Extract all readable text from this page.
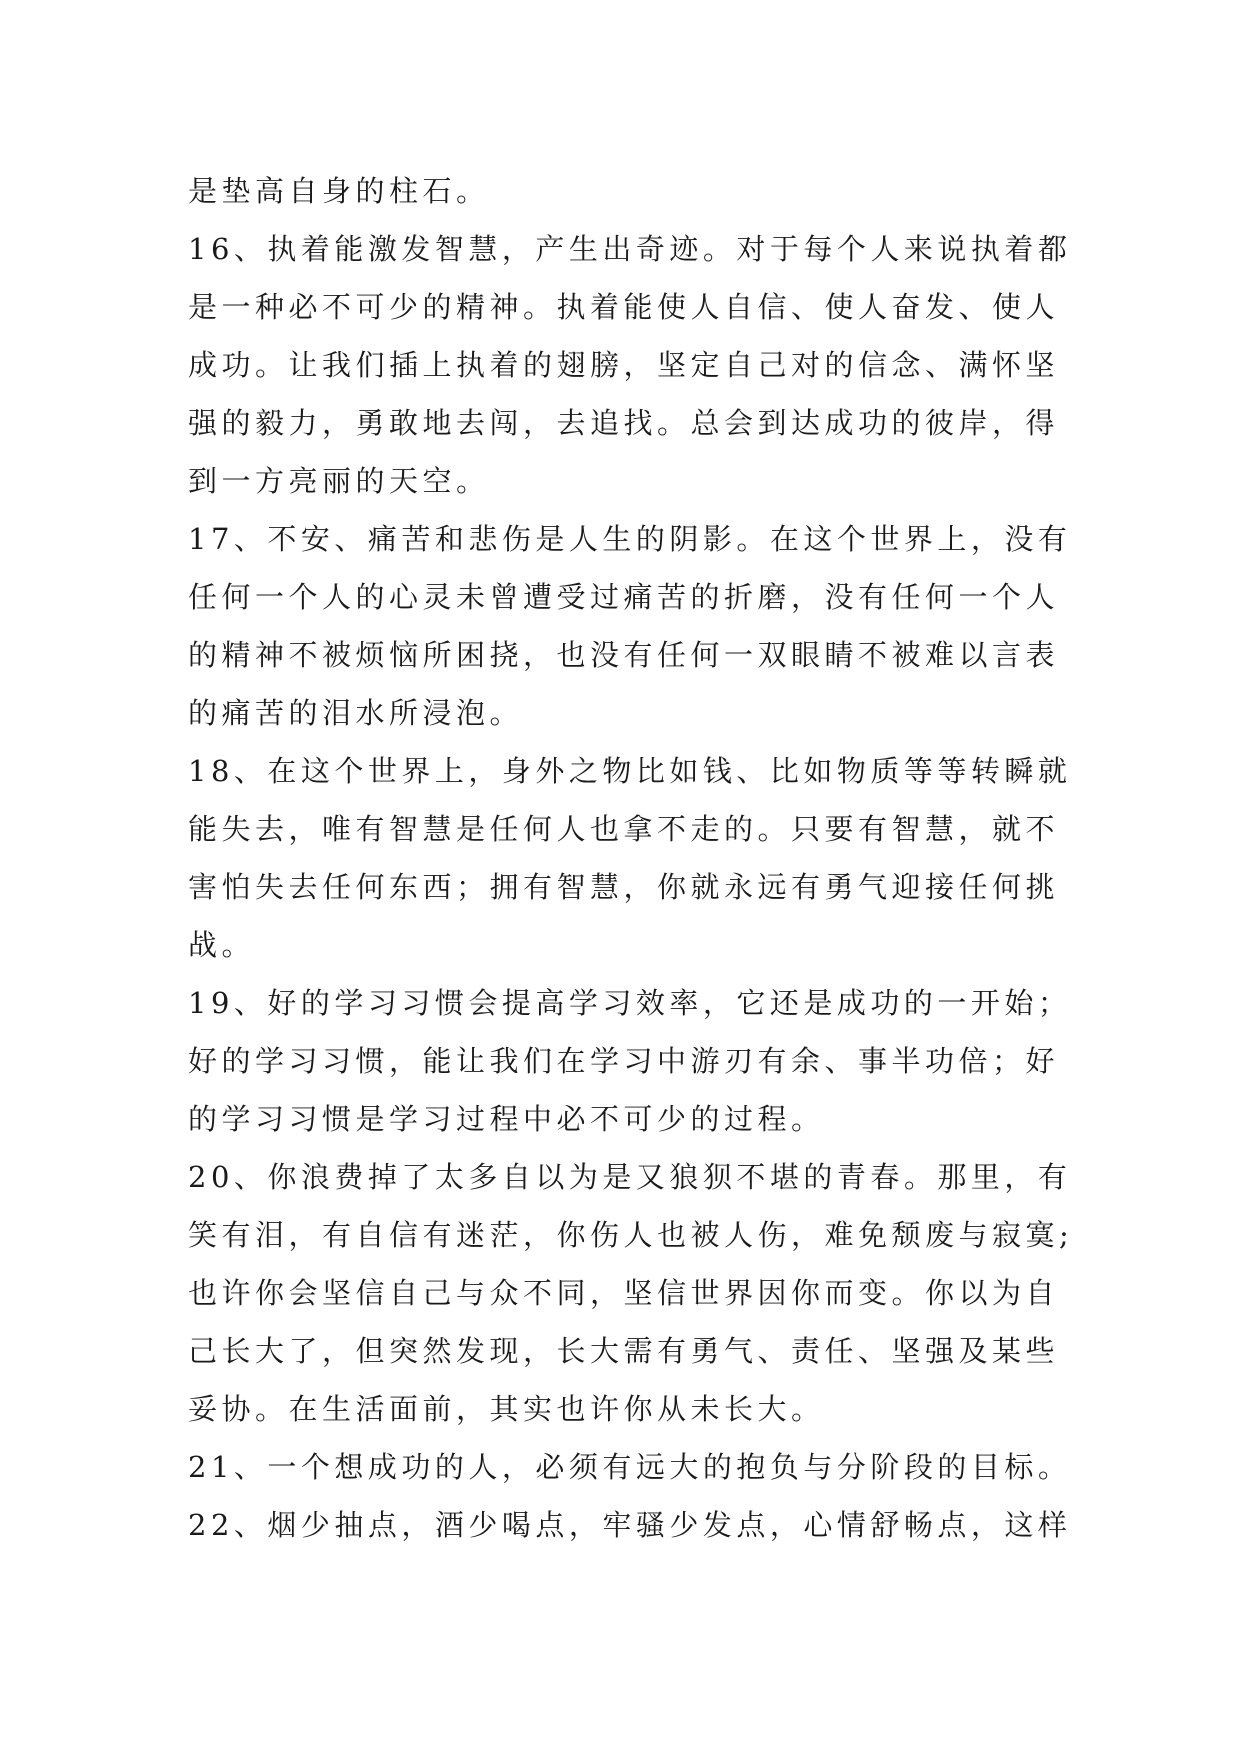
是垫高自身的柱石。
16、执着能激发智慧，产生出奇迹。对于每个人来说执着都
是一种必不可少的精神。执着能使人自信、使人奋发、使人
成功。让我们插上执着的翅膀，坚定自己对的信念、满怀坚
强的毅力，勇敢地去闯，去追找。总会到达成功的彼岸，得
到一方亮丽的天空。
17、不安、痛苦和悲伤是人生的阴影。在这个世界上，没有
任何一个人的心灵未曾遭受过痛苦的折磨，没有任何一个人
的精神不被烦恼所困挠，也没有任何一双眼睛不被难以言表
的痛苦的泪水所浸泡。
18、在这个世界上，身外之物比如钱、比如物质等等转瞬就
能失去，唯有智慧是任何人也拿不走的。只要有智慧，就不
害怕失去任何东西；拥有智慧，你就永远有勇气迎接任何挑
战。
19、好的学习习惯会提高学习效率，它还是成功的一开始；
好的学习习惯，能让我们在学习中游刃有余、事半功倍；好
的学习习惯是学习过程中必不可少的过程。
20、你浪费掉了太多自以为是又狼狈不堪的青春。那里，有
笑有泪，有自信有迷茫，你伤人也被人伤，难免颓废与寂寞;
也许你会坚信自己与众不同，坚信世界因你而变。你以为自
己长大了，但突然发现，长大需有勇气、责任、坚强及某些
妥协。在生活面前，其实也许你从未长大。
21、一个想成功的人，必须有远大的抱负与分阶段的目标。
22、烟少抽点，酒少喝点，牢骚少发点，心情舒畅点，这样
